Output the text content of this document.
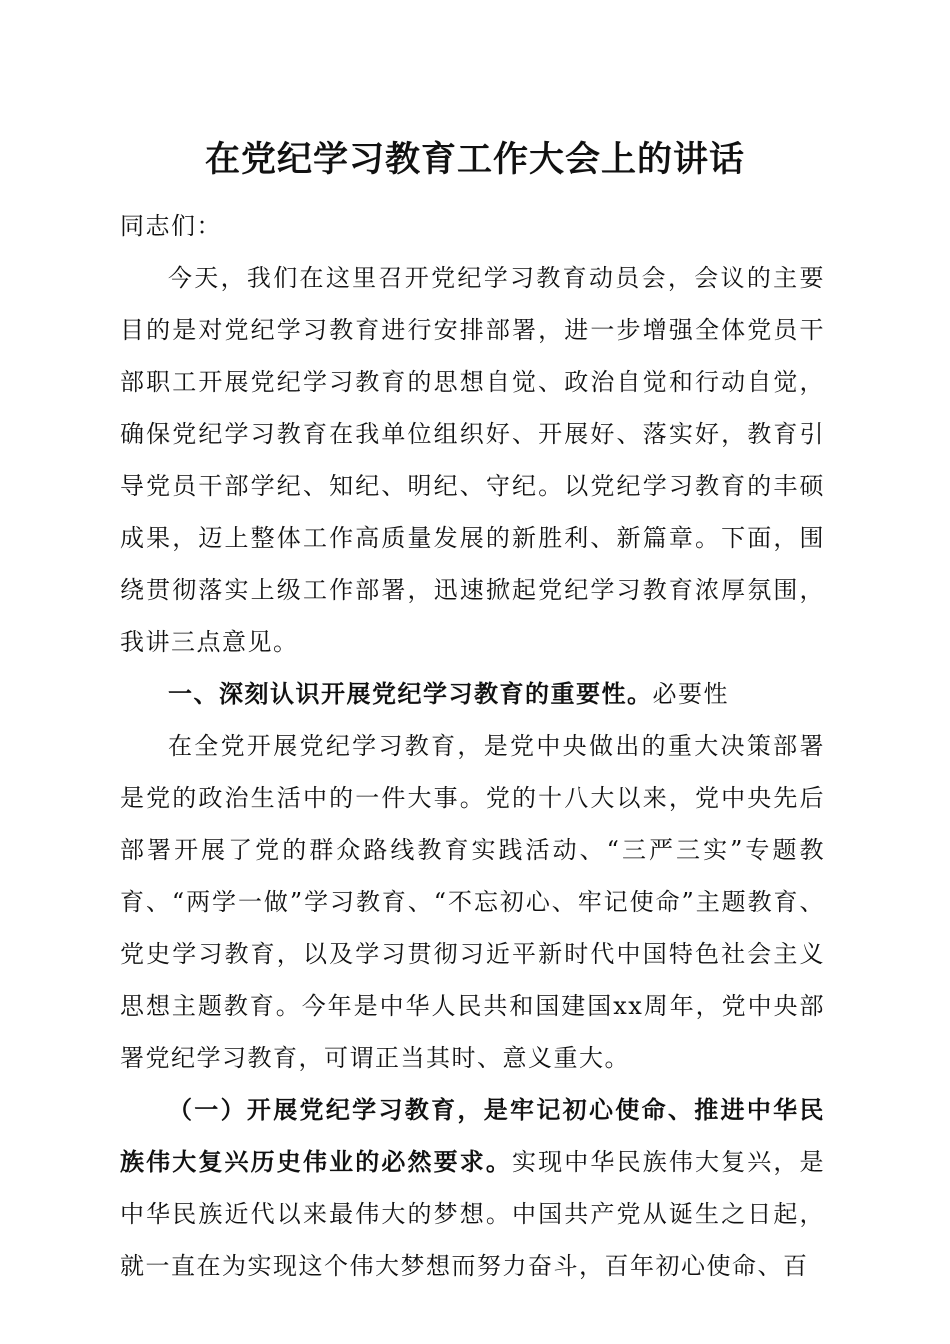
在党纪学习教育工作大会上的讲话

同志们：

今天，我们在这里召开党纪学习教育动员会，会议的主要目的是对党纪学习教育进行安排部署，进一步增强全体党员干部职工开展党纪学习教育的思想自觉、政治自觉和行动自觉，确保党纪学习教育在我单位组织好、开展好、落实好，教育引导党员干部学纪、知纪、明纪、守纪。以党纪学习教育的丰硕成果，迈上整体工作高质量发展的新胜利、新篇章。下面，围绕贯彻落实上级工作部署，迅速掀起党纪学习教育浓厚氛围，我讲三点意见。

一、深刻认识开展党纪学习教育的重要性。必要性

在全党开展党纪学习教育，是党中央做出的重大决策部署是党的政治生活中的一件大事。党的十八大以来，党中央先后部署开展了党的群众路线教育实践活动、“三严三实”专题教育、“两学一做”学习教育、“不忘初心、牢记使命”主题教育、党史学习教育，以及学习贯彻习近平新时代中国特色社会主义思想主题教育。今年是中华人民共和国建国xx周年，党中央部署党纪学习教育，可谓正当其时、意义重大。

（一）开展党纪学习教育，是牢记初心使命、推进中华民族伟大复兴历史伟业的必然要求。实现中华民族伟大复兴，是中华民族近代以来最伟大的梦想。中国共产党从诞生之日起，就一直在为实现这个伟大梦想而努力奋斗，百年初心使命、百
